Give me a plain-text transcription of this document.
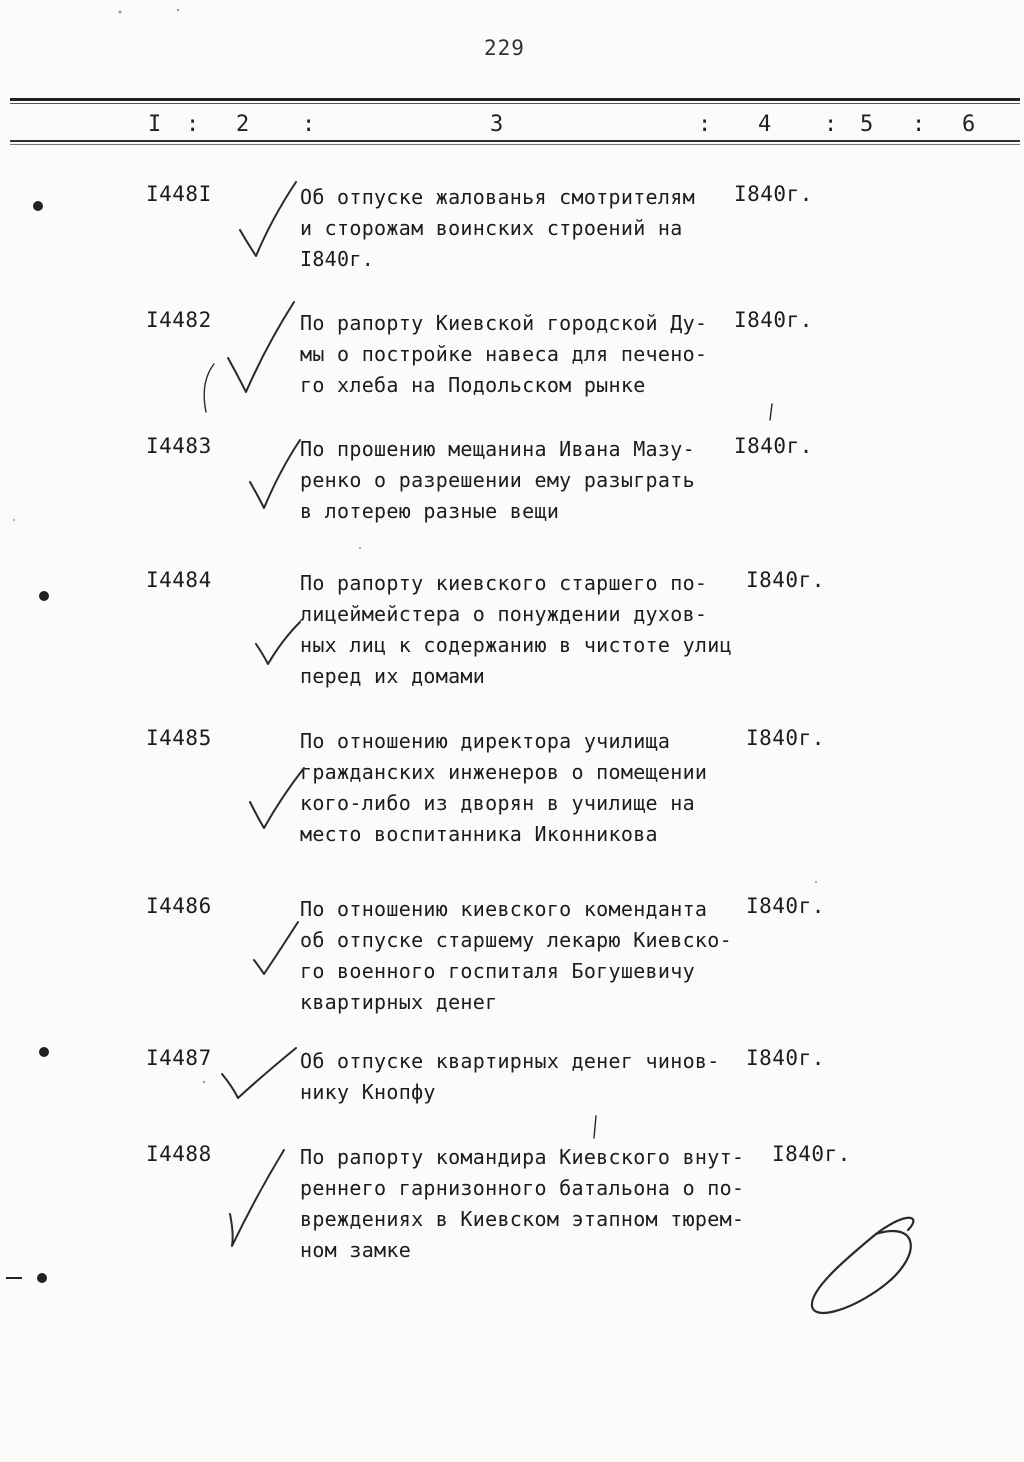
229
I : 2 :	3	: 4 : 5 : 6
I448I	Об отпуске жалованья смотрителям
и сторожам воинских строений на
I840г.
I840г.
I4482	По рапорту Киевской городской Ду-
мы о постройке навеса для печено-
го хлеба на Подольском рынке
I840г.
I4483	По прошению мещанина Ивана Мазу-
ренко о разрешении ему разыграть
в лотерею разные вещи
I840г.
I4484	По рапорту киевского старшего по-
лицеймейстера о понуждении духов-
ных лиц к содержанию в чистоте улиц
перед их домами
I840г.
I4485	По отношению директора училища
гражданских инженеров о помещении
кого-либо из дворян в училище на
место воспитанника Иконникова
I840г.
I4486	По отношению киевского коменданта
об отпуске старшему лекарю Киевско-
го военного госпиталя Богушевичу
квартирных денег
I840г.
I4487	Об отпуске квартирных денег чинов-
нику Кнопфу
I840г.
I4488	По рапорту командира Киевского внут-
реннего гарнизонного батальона о по-
вреждениях в Киевском этапном тюрем-
ном замке
I840г.
